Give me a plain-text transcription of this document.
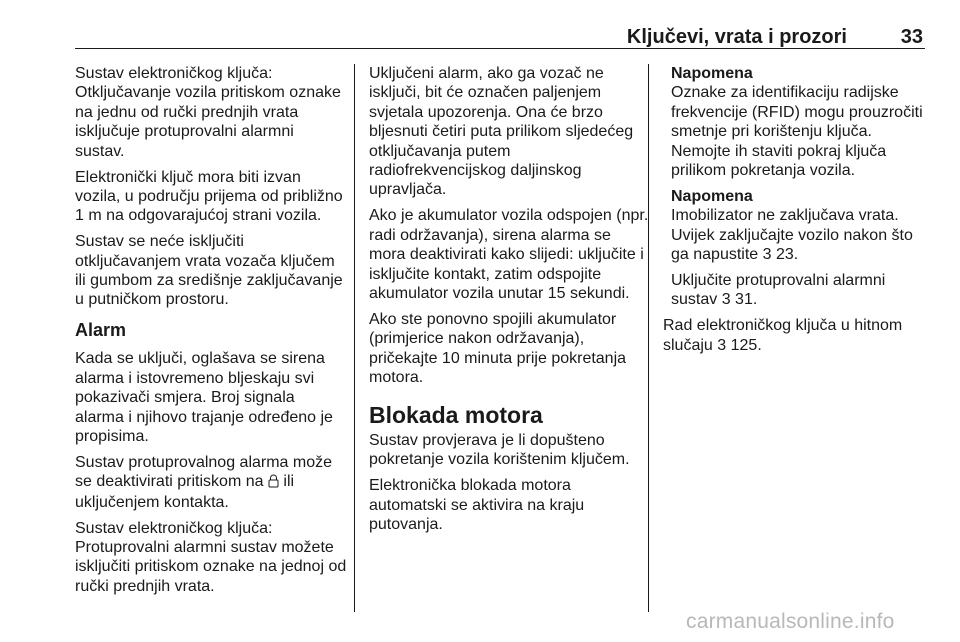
Ključevi, vrata i prozori	33

Sustav elektroničkog ključa: Otključavanje vozila pritiskom oznake na jednu od ručki prednjih vrata isključuje protuprovalni alarmni sustav.

Elektronički ključ mora biti izvan vozila, u području prijema od približno 1 m na odgovarajućoj strani vozila.

Sustav se neće isključiti otključavanjem vrata vozača ključem ili gumbom za središnje zaključavanje u putničkom prostoru.

Alarm

Kada se uključi, oglašava se sirena alarma i istovremeno bljeskaju svi pokazivači smjera. Broj signala alarma i njihovo trajanje određeno je propisima.

Sustav protuprovalnog alarma može se deaktivirati pritiskom na  ili uključenjem kontakta.

Sustav elektroničkog ključa: Protuprovalni alarmni sustav možete isključiti pritiskom oznake na jednoj od ručki prednjih vrata.

Uključeni alarm, ako ga vozač ne isključi, bit će označen paljenjem svjetala upozorenja. Ona će brzo bljesnuti četiri puta prilikom sljedećeg otključavanja putem radiofrekvencijskog daljinskog upravljača.

Ako je akumulator vozila odspojen (npr. radi održavanja), sirena alarma se mora deaktivirati kako slijedi: uključite i isključite kontakt, zatim odspojite akumulator vozila unutar 15 sekundi.

Ako ste ponovno spojili akumulator (primjerice nakon održavanja), pričekajte 10 minuta prije pokretanja motora.

Blokada motora

Sustav provjerava je li dopušteno pokretanje vozila korištenim ključem.

Elektronička blokada motora automatski se aktivira na kraju putovanja.

Napomena

Oznake za identifikaciju radijske frekvencije (RFID) mogu prouzročiti smetnje pri korištenju ključa. Nemojte ih staviti pokraj ključa prilikom pokretanja vozila.

Napomena

Imobilizator ne zaključava vrata. Uvijek zaključajte vozilo nakon što ga napustite 3 23.

Uključite protuprovalni alarmni sustav 3 31.

Rad elektroničkog ključa u hitnom slučaju 3 125.

carmanualsonline.info
